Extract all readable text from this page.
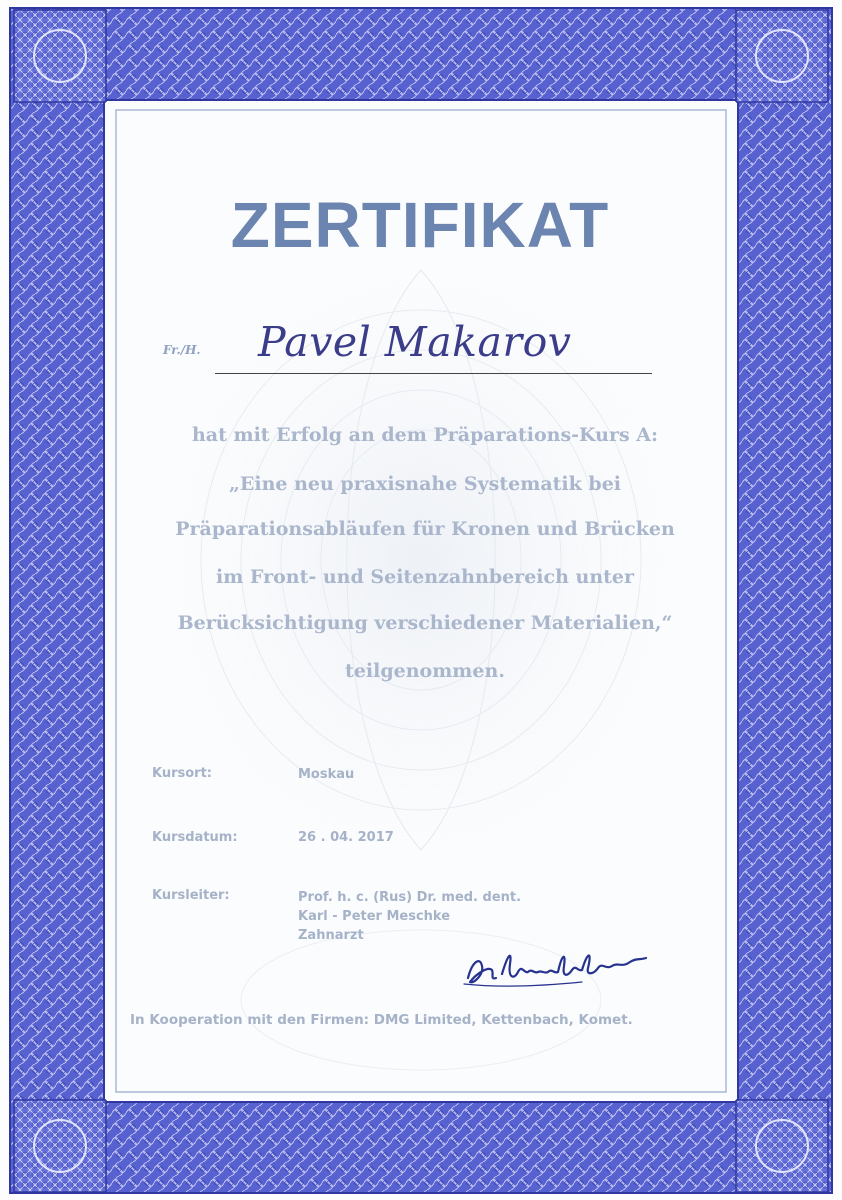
ZERTIFIKAT
Fr./H. Pavel Makarov
hat mit Erfolg an dem Präparations-Kurs A:
„Eine neu praxisnahe Systematik bei
Präparationsabläufen für Kronen und Brücken
im Front- und Seitenzahnbereich unter
Berücksichtigung verschiedener Materialien,“
teilgenommen.
Kursort:	Moskau
Kursdatum:	26 . 04. 2017
Kursleiter:	Prof. h. c. (Rus) Dr. med. dent.
Karl - Peter Meschke
Zahnarzt
In Kooperation mit den Firmen: DMG Limited, Kettenbach, Komet.
